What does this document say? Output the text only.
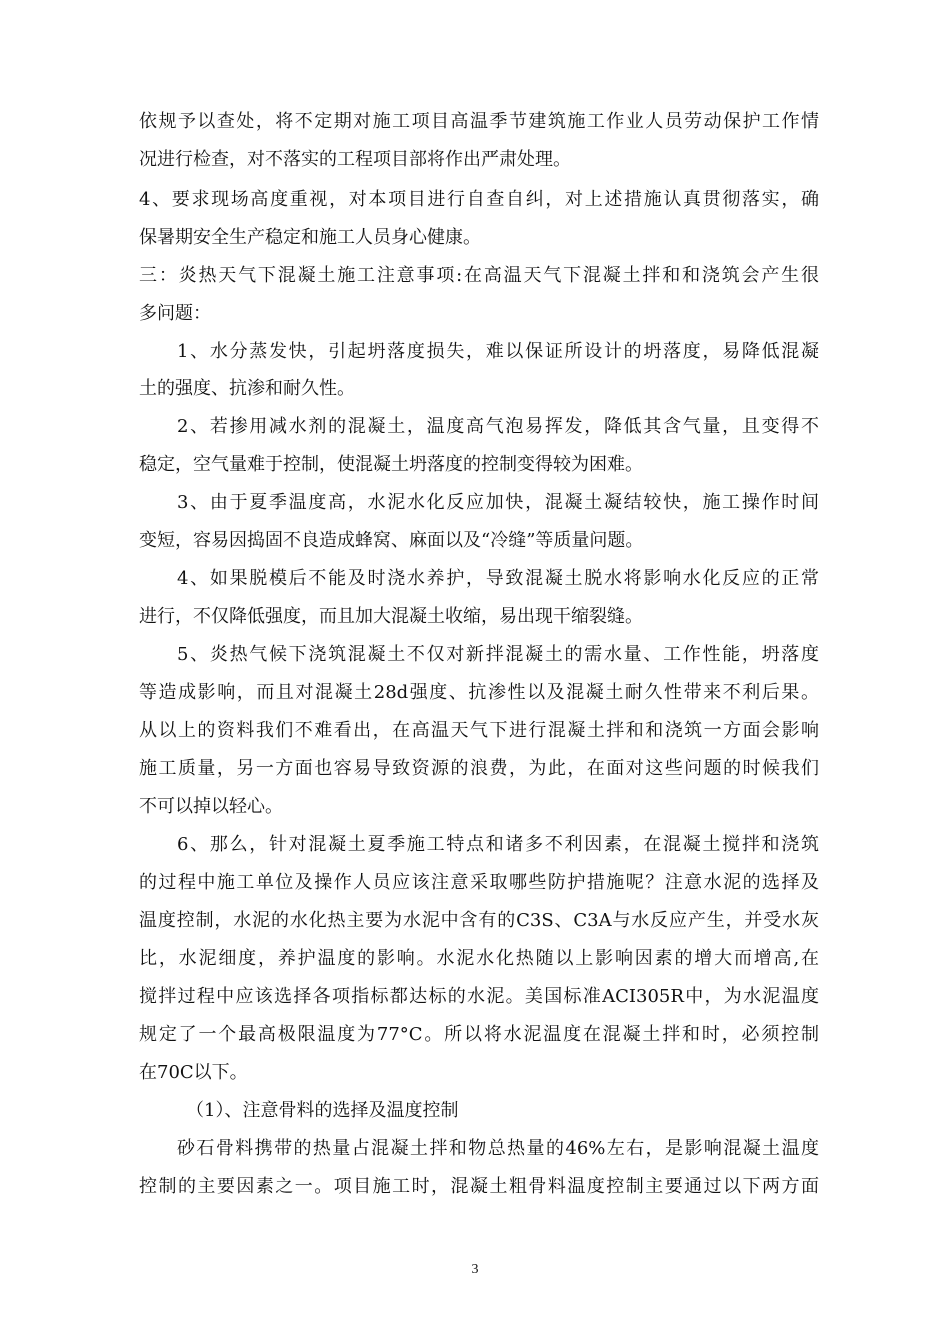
依规予以查处，将不定期对施工项目高温季节建筑施工作业人员劳动保护工作情
况进行检查，对不落实的工程项目部将作出严肃处理。
4、要求现场高度重视，对本项目进行自查自纠，对上述措施认真贯彻落实，确
保暑期安全生产稳定和施工人员身心健康。
三：炎热天气下混凝土施工注意事项:在高温天气下混凝土拌和和浇筑会产生很
多问题：
1、水分蒸发快，引起坍落度损失，难以保证所设计的坍落度，易降低混凝
土的强度、抗渗和耐久性。
2、若掺用减水剂的混凝土，温度高气泡易挥发，降低其含气量，且变得不
稳定，空气量难于控制，使混凝土坍落度的控制变得较为困难。
3、由于夏季温度高，水泥水化反应加快，混凝土凝结较快，施工操作时间
变短，容易因捣固不良造成蜂窝、麻面以及“冷缝”等质量问题。
4、如果脱模后不能及时浇水养护，导致混凝土脱水将影响水化反应的正常
进行，不仅降低强度，而且加大混凝土收缩，易出现干缩裂缝。
5、炎热气候下浇筑混凝土不仅对新拌混凝土的需水量、工作性能，坍落度
等造成影响，而且对混凝土28d强度、抗渗性以及混凝土耐久性带来不利后果。
从以上的资料我们不难看出，在高温天气下进行混凝土拌和和浇筑一方面会影响
施工质量，另一方面也容易导致资源的浪费，为此，在面对这些问题的时候我们
不可以掉以轻心。
6、那么，针对混凝土夏季施工特点和诸多不利因素，在混凝土搅拌和浇筑
的过程中施工单位及操作人员应该注意采取哪些防护措施呢？注意水泥的选择及
温度控制，水泥的水化热主要为水泥中含有的C3S、C3A与水反应产生，并受水灰
比，水泥细度，养护温度的影响。水泥水化热随以上影响因素的增大而增高,在
搅拌过程中应该选择各项指标都达标的水泥。美国标准ACI305R中，为水泥温度
规定了一个最高极限温度为77°C。所以将水泥温度在混凝土拌和时，必须控制
在70C以下。
（1）、注意骨料的选择及温度控制
砂石骨料携带的热量占混凝土拌和物总热量的46%左右，是影响混凝土温度
控制的主要因素之一。项目施工时，混凝土粗骨料温度控制主要通过以下两方面
3
